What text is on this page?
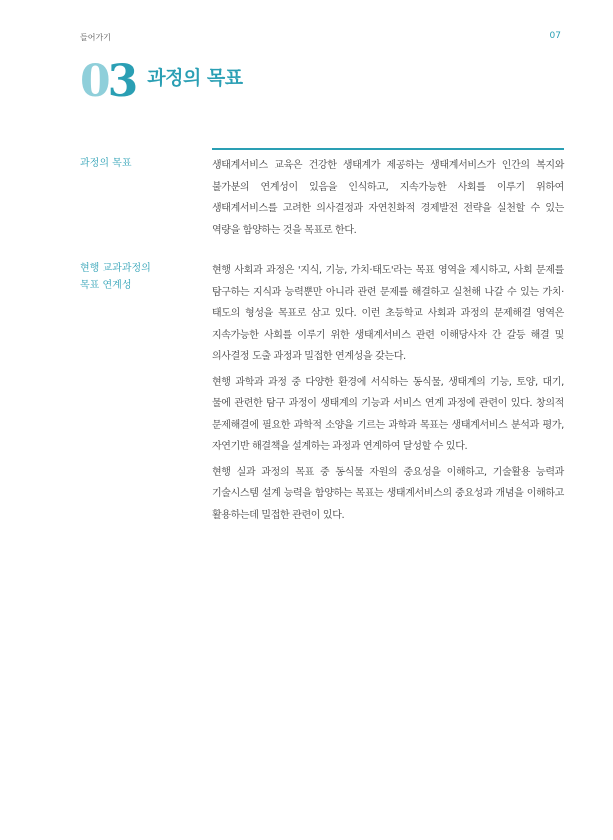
들어가기	07
03 과정의 목표
과정의 목표	생태계서비스 교육은 건강한 생태계가 제공하는 생태계서비스가 인간의 복지와 불가분의 연계성이 있음을 인식하고, 지속가능한 사회를 이루기 위하여 생태계서비스를 고려한 의사결정과 자연친화적 경제발전 전략을 실천할 수 있는 역량을 함양하는 것을 목표로 한다.

현행 교과과정의
목표 연계성

현행 사회과 과정은 '지식, 기능, 가치·태도'라는 목표 영역을 제시하고, 사회 문제를 탐구하는 지식과 능력뿐만 아니라 관련 문제를 해결하고 실천해 나갈 수 있는 가치·태도의 형성을 목표로 삼고 있다. 이런 초등학교 사회과 과정의 문제해결 영역은 지속가능한 사회를 이루기 위한 생태계서비스 관련 이해당사자 간 갈등 해결 및 의사결정 도출 과정과 밀접한 연계성을 갖는다.

현행 과학과 과정 중 다양한 환경에 서식하는 동식물, 생태계의 기능, 토양, 대기, 물에 관련한 탐구 과정이 생태계의 기능과 서비스 연계 과정에 관련이 있다. 창의적 문제해결에 필요한 과학적 소양을 기르는 과학과 목표는 생태계서비스 분석과 평가, 자연기반 해결책을 설계하는 과정과 연계하여 달성할 수 있다.

현행 실과 과정의 목표 중 동식물 자원의 중요성을 이해하고, 기술활용 능력과 기술시스템 설계 능력을 함양하는 목표는 생태계서비스의 중요성과 개념을 이해하고 활용하는데 밀접한 관련이 있다.
